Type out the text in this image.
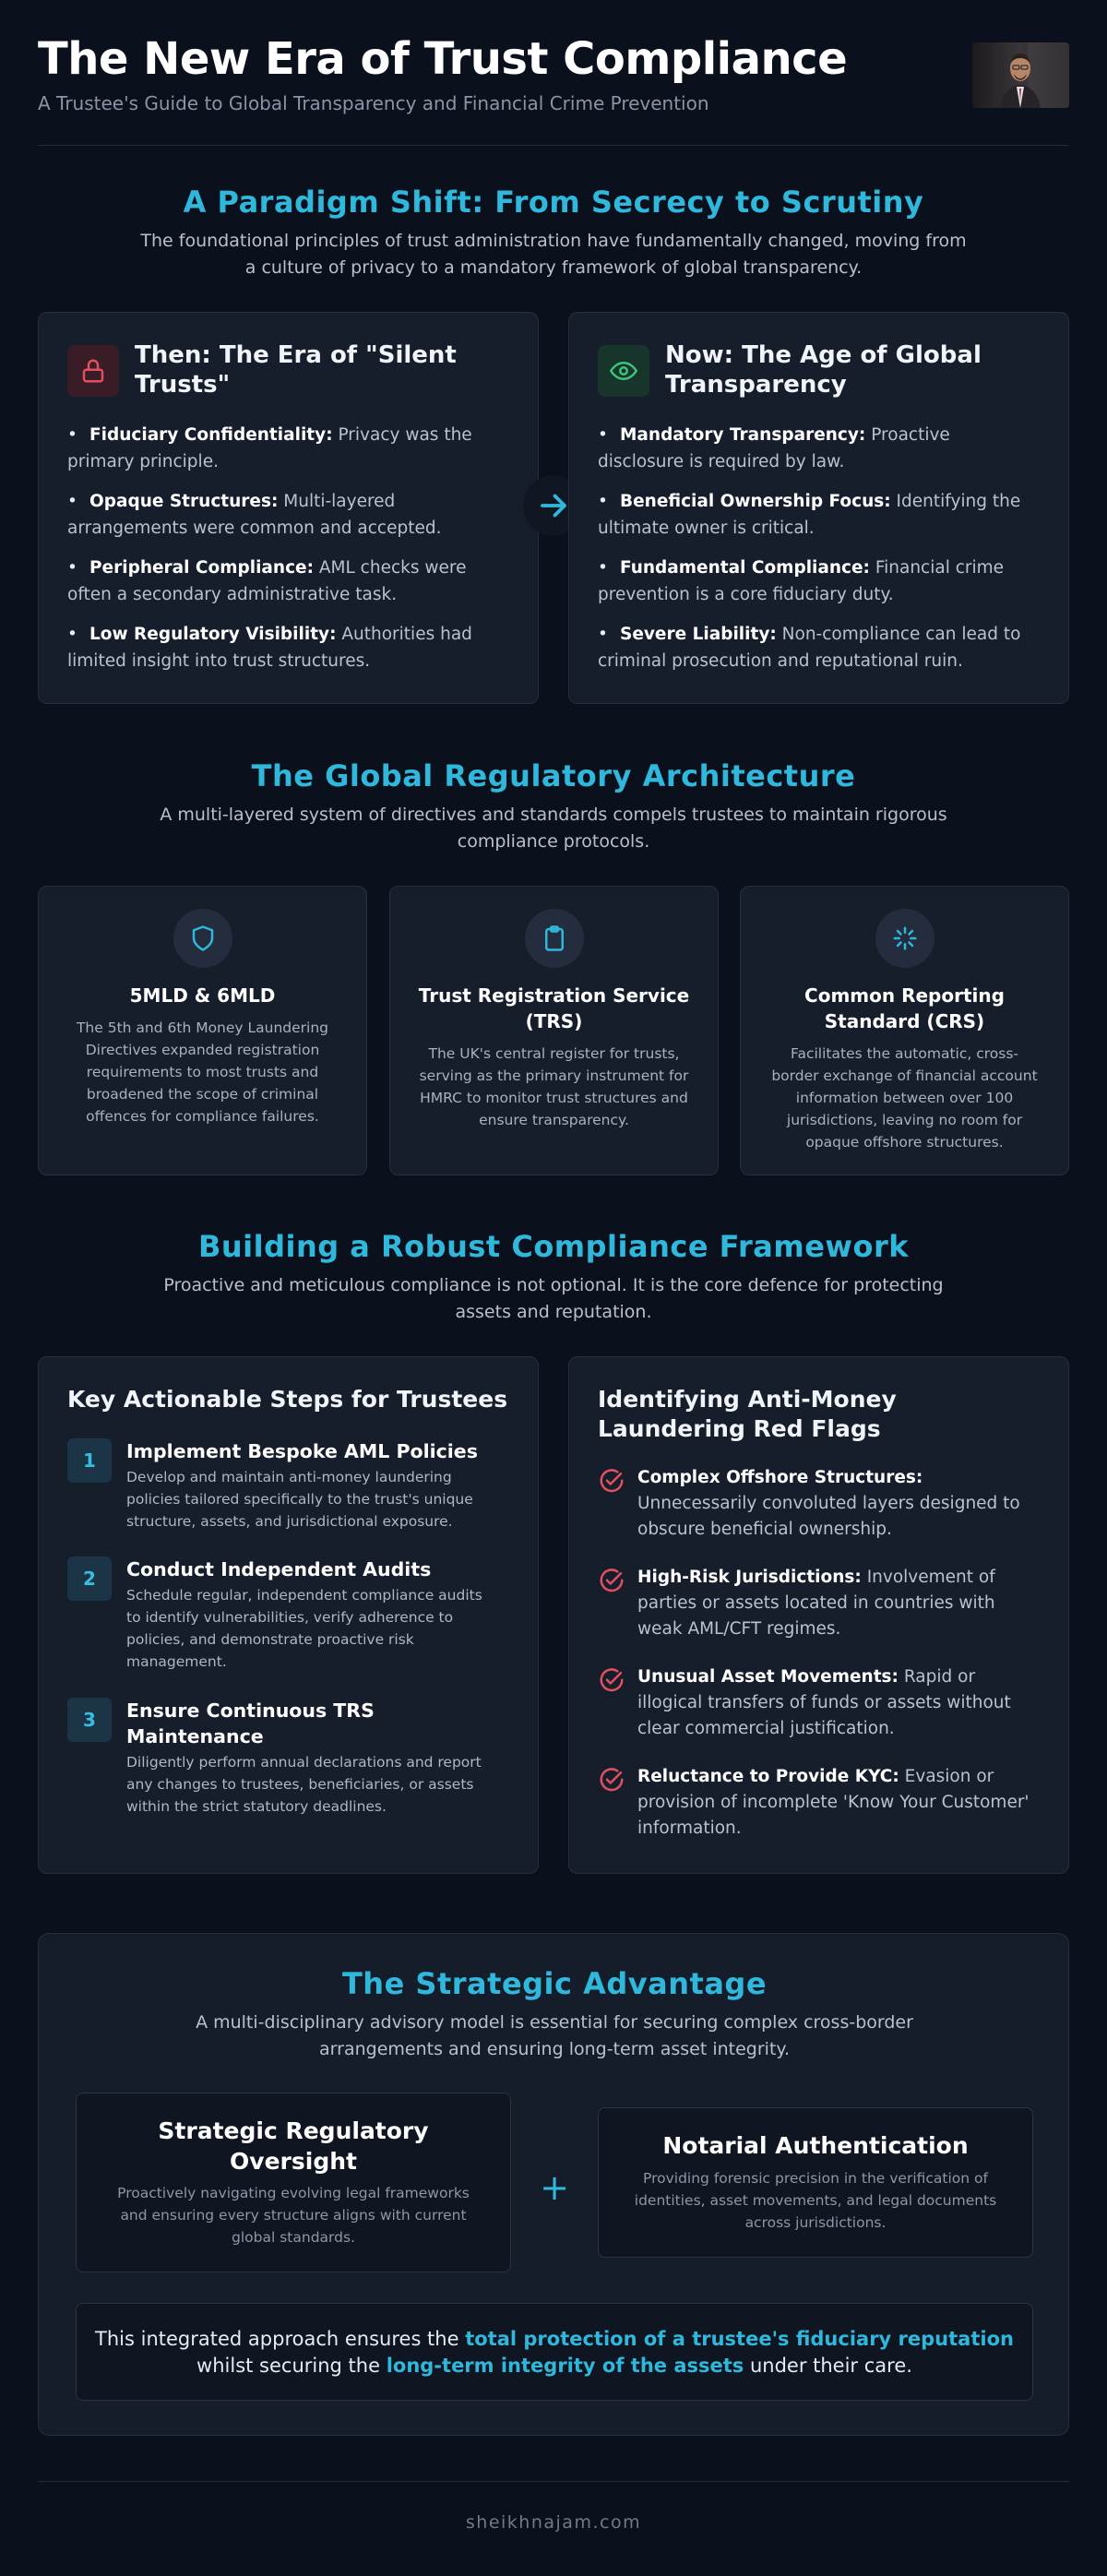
The New Era of Trust Compliance
A Trustee's Guide to Global Transparency and Financial Crime Prevention
A Paradigm Shift: From Secrecy to Scrutiny
The foundational principles of trust administration have fundamentally changed, moving from a culture of privacy to a mandatory framework of global transparency.
Then: The Era of "Silent Trusts"
• Fiduciary Confidentiality: Privacy was the primary principle.
• Opaque Structures: Multi-layered arrangements were common and accepted.
• Peripheral Compliance: AML checks were often a secondary administrative task.
• Low Regulatory Visibility: Authorities had limited insight into trust structures.
Now: The Age of Global Transparency
• Mandatory Transparency: Proactive disclosure is required by law.
• Beneficial Ownership Focus: Identifying the ultimate owner is critical.
• Fundamental Compliance: Financial crime prevention is a core fiduciary duty.
• Severe Liability: Non-compliance can lead to criminal prosecution and reputational ruin.
The Global Regulatory Architecture
A multi-layered system of directives and standards compels trustees to maintain rigorous compliance protocols.
5MLD & 6MLD

The 5th and 6th Money Laundering Directives expanded registration requirements to most trusts and broadened the scope of criminal offences for compliance failures.

Trust Registration Service (TRS)

The UK's central register for trusts, serving as the primary instrument for HMRC to monitor trust structures and ensure transparency.

Common Reporting Standard (CRS)

Facilitates the automatic, cross-border exchange of financial account information between over 100 jurisdictions, leaving no room for opaque offshore structures.

Building a Robust Compliance Framework
Proactive and meticulous compliance is not optional. It is the core defence for protecting assets and reputation.
Key Actionable Steps for Trustees
1	Implement Bespoke AML Policies

Develop and maintain anti-money laundering policies tailored specifically to the trust's unique structure, assets, and jurisdictional exposure.

2	Conduct Independent Audits

Schedule regular, independent compliance audits to identify vulnerabilities, verify adherence to policies, and demonstrate proactive risk management.

3	Ensure Continuous TRS Maintenance

Diligently perform annual declarations and report any changes to trustees, beneficiaries, or assets within the strict statutory deadlines.

Identifying Anti-Money Laundering Red Flags

Complex Offshore Structures: Unnecessarily convoluted layers designed to obscure beneficial ownership.

High-Risk Jurisdictions: Involvement of parties or assets located in countries with weak AML/CFT regimes.

Unusual Asset Movements: Rapid or illogical transfers of funds or assets without clear commercial justification.

Reluctance to Provide KYC: Evasion or provision of incomplete 'Know Your Customer' information.

The Strategic Advantage
A multi-disciplinary advisory model is essential for securing complex cross-border arrangements and ensuring long-term asset integrity.
Strategic Regulatory Oversight

Proactively navigating evolving legal frameworks and ensuring every structure aligns with current global standards.

+
Notarial Authentication

Providing forensic precision in the verification of identities, asset movements, and legal documents across jurisdictions.

This integrated approach ensures the total protection of a trustee's fiduciary reputation
whilst securing the long-term integrity of the assets under their care.
sheikhnajam.com
